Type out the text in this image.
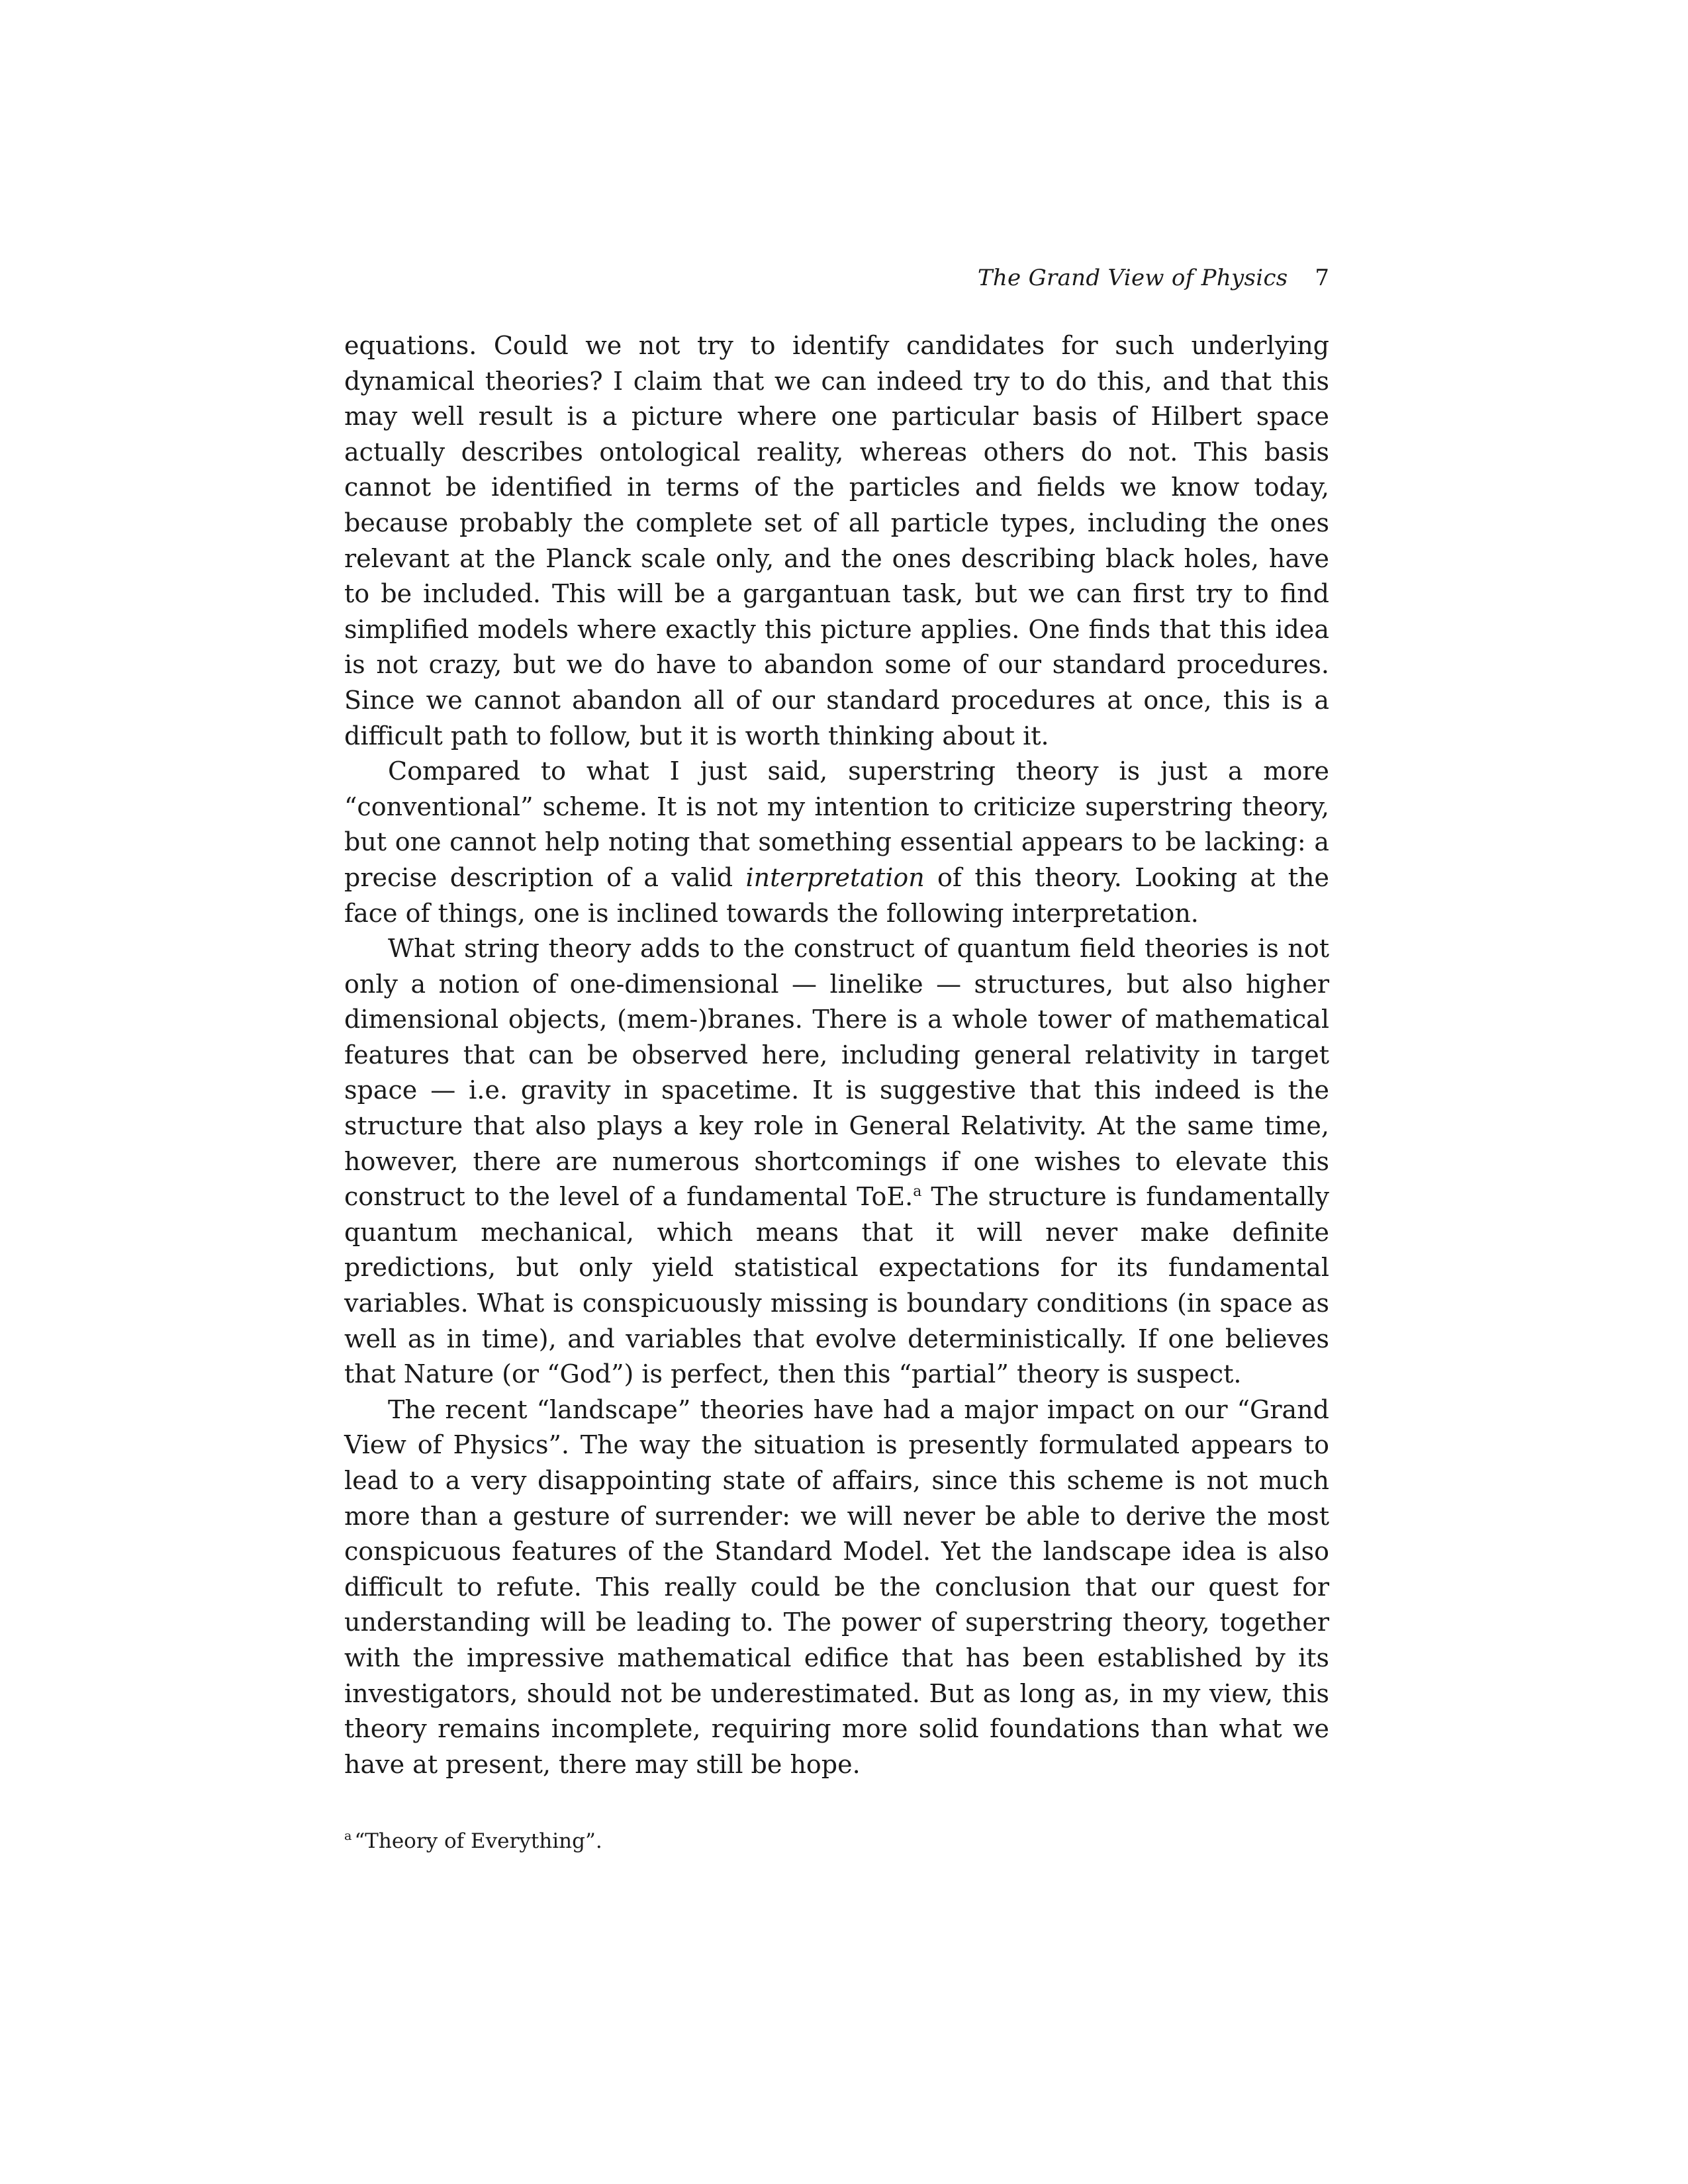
The Grand View of Physics 7

equations. Could we not try to identify candidates for such underlying dynamical theories? I claim that we can indeed try to do this, and that this may well result is a picture where one particular basis of Hilbert space actually describes ontological reality, whereas others do not. This basis cannot be identified in terms of the particles and fields we know today, because probably the complete set of all particle types, including the ones relevant at the Planck scale only, and the ones describing black holes, have to be included. This will be a gargantuan task, but we can first try to find simplified models where exactly this picture applies. One finds that this idea is not crazy, but we do have to abandon some of our standard procedures. Since we cannot abandon all of our standard procedures at once, this is a difficult path to follow, but it is worth thinking about it.

Compared to what I just said, superstring theory is just a more “conventional” scheme. It is not my intention to criticize superstring theory, but one cannot help noting that something essential appears to be lacking: a precise description of a valid interpretation of this theory. Looking at the face of things, one is inclined towards the following interpretation.

What string theory adds to the construct of quantum field theories is not only a notion of one-dimensional — linelike — structures, but also higher dimensional objects, (mem-)branes. There is a whole tower of mathematical features that can be observed here, including general relativity in target space — i.e. gravity in spacetime. It is suggestive that this indeed is the structure that also plays a key role in General Relativity. At the same time, however, there are numerous shortcomings if one wishes to elevate this construct to the level of a fundamental ToE.$^a$ The structure is fundamentally quantum mechanical, which means that it will never make definite predictions, but only yield statistical expectations for its fundamental variables. What is conspicuously missing is boundary conditions (in space as well as in time), and variables that evolve deterministically. If one believes that Nature (or “God”) is perfect, then this “partial” theory is suspect.

The recent “landscape” theories have had a major impact on our “Grand View of Physics”. The way the situation is presently formulated appears to lead to a very disappointing state of affairs, since this scheme is not much more than a gesture of surrender: we will never be able to derive the most conspicuous features of the Standard Model. Yet the landscape idea is also difficult to refute. This really could be the conclusion that our quest for understanding will be leading to. The power of superstring theory, together with the impressive mathematical edifice that has been established by its investigators, should not be underestimated. But as long as, in my view, this theory remains incomplete, requiring more solid foundations than what we have at present, there may still be hope.

$^a$ “Theory of Everything”.
